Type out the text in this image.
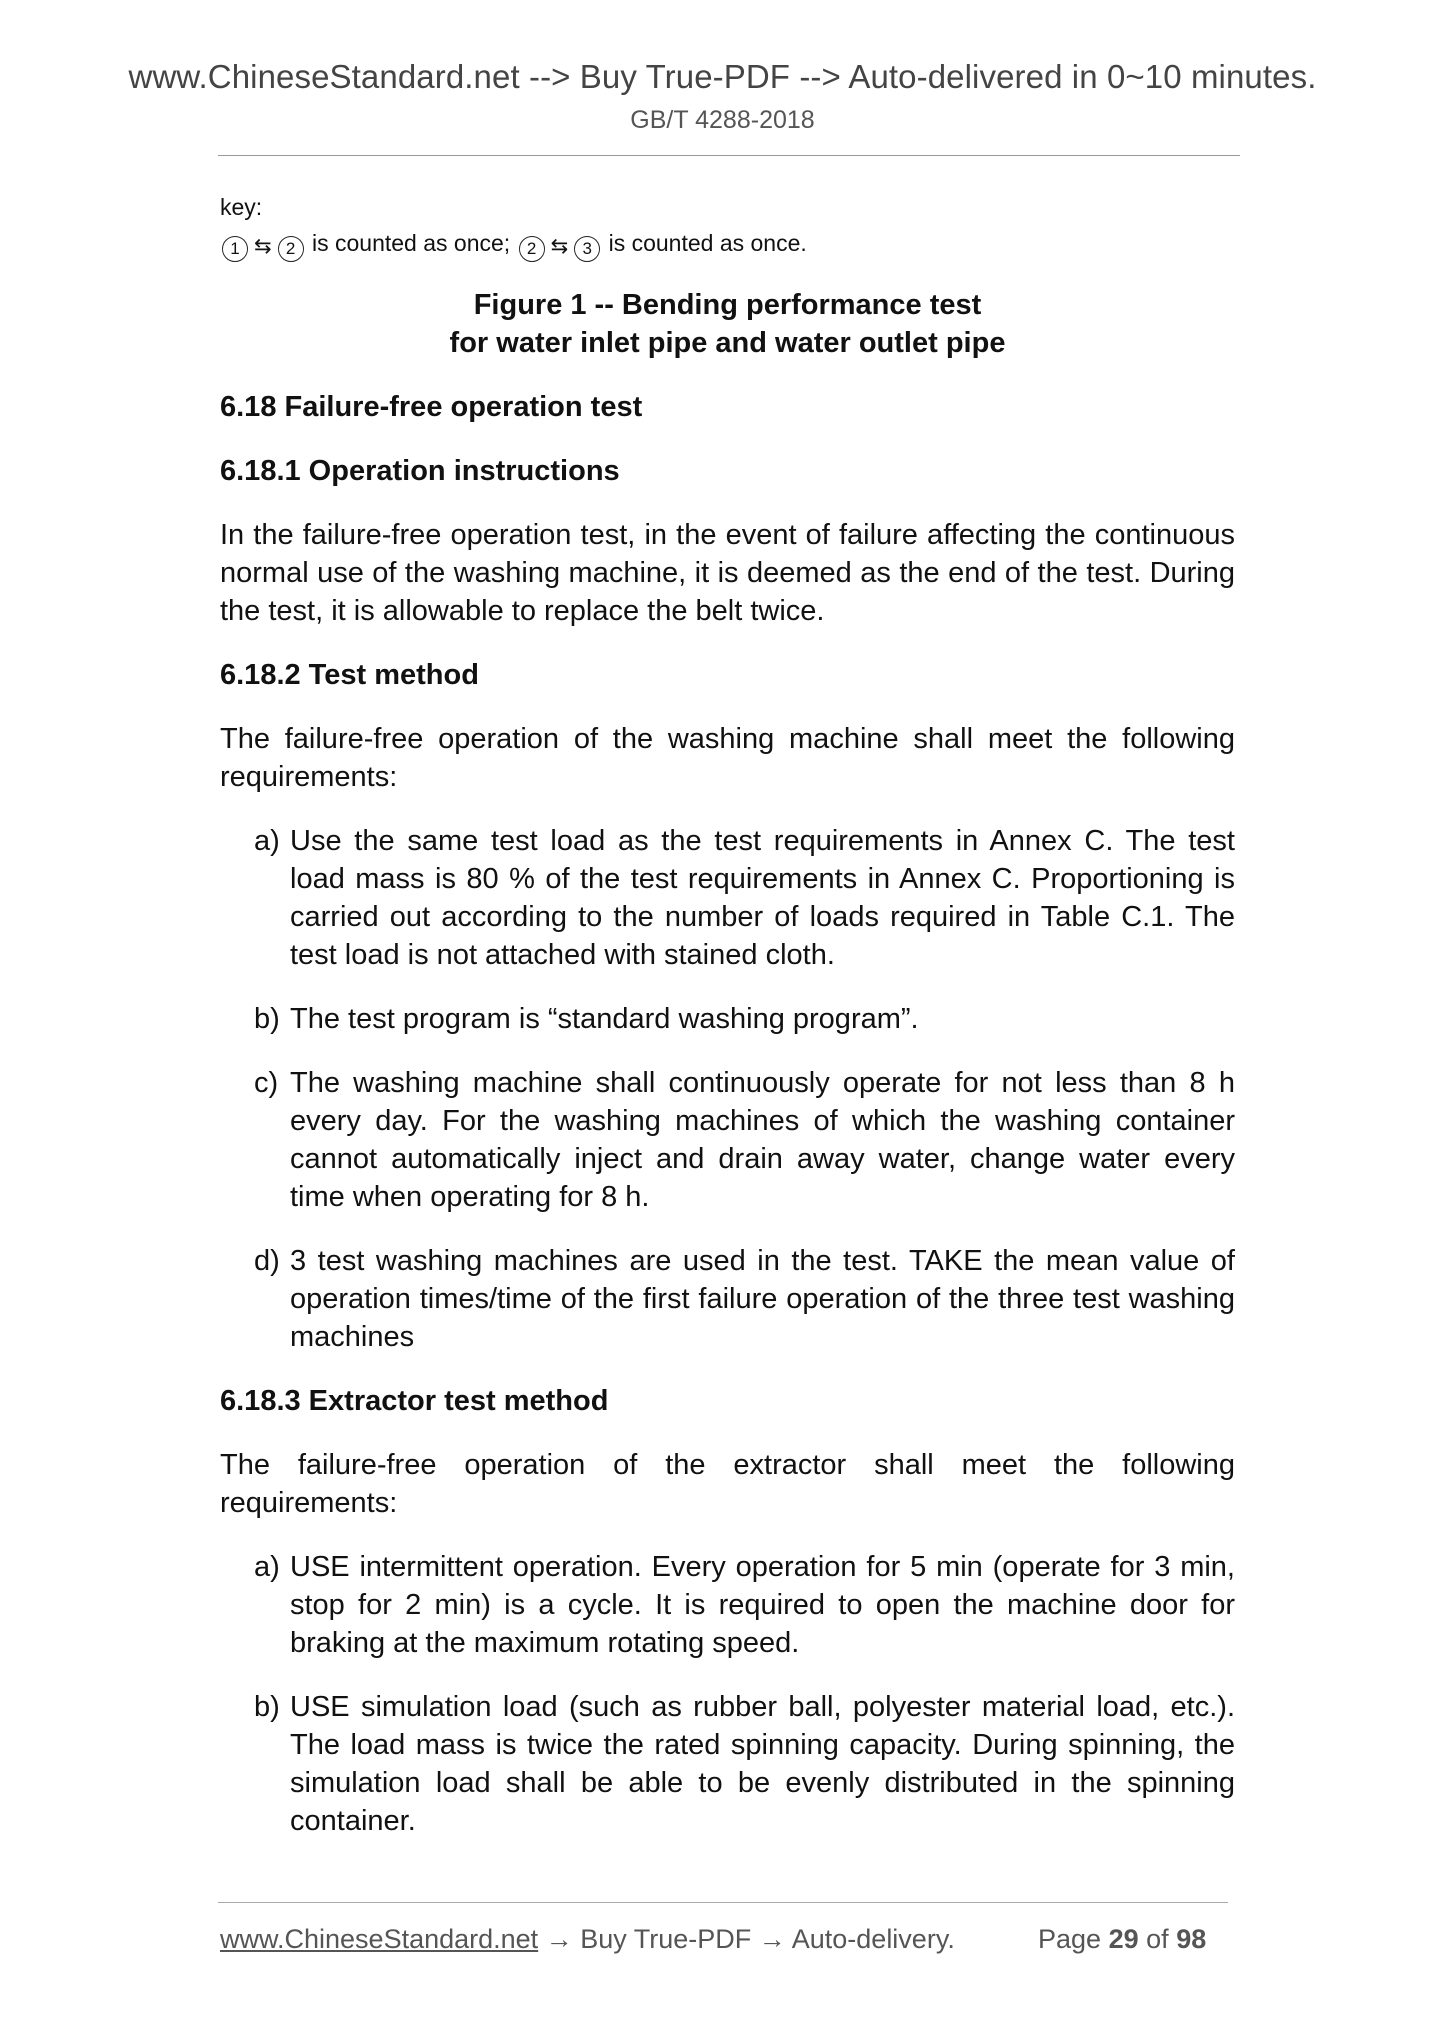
www.ChineseStandard.net --> Buy True-PDF --> Auto-delivered in 0~10 minutes.
GB/T 4288-2018
key:
1 ⇆ 2 is counted as once; 2 ⇆ 3 is counted as once.
Figure 1 -- Bending performance test
for water inlet pipe and water outlet pipe
6.18 Failure-free operation test
6.18.1 Operation instructions

In the failure-free operation test, in the event of failure affecting the continuous normal use of the washing machine, it is deemed as the end of the test. During the test, it is allowable to replace the belt twice.

6.18.2 Test method

The failure-free operation of the washing machine shall meet the following requirements:

a) Use the same test load as the test requirements in Annex C. The test load mass is 80 % of the test requirements in Annex C. Proportioning is carried out according to the number of loads required in Table C.1. The test load is not attached with stained cloth.
b) The test program is “standard washing program”.
c) The washing machine shall continuously operate for not less than 8 h every day. For the washing machines of which the washing container cannot automatically inject and drain away water, change water every time when operating for 8 h.
d) 3 test washing machines are used in the test. TAKE the mean value of operation times/time of the first failure operation of the three test washing machines
6.18.3 Extractor test method

The failure-free operation of the extractor shall meet the following requirements:

a) USE intermittent operation. Every operation for 5 min (operate for 3 min, stop for 2 min) is a cycle. It is required to open the machine door for braking at the maximum rotating speed.
b) USE simulation load (such as rubber ball, polyester material load, etc.). The load mass is twice the rated spinning capacity. During spinning, the simulation load shall be able to be evenly distributed in the spinning container.
www.ChineseStandard.net → Buy True-PDF → Auto-delivery.	Page 29 of 98
